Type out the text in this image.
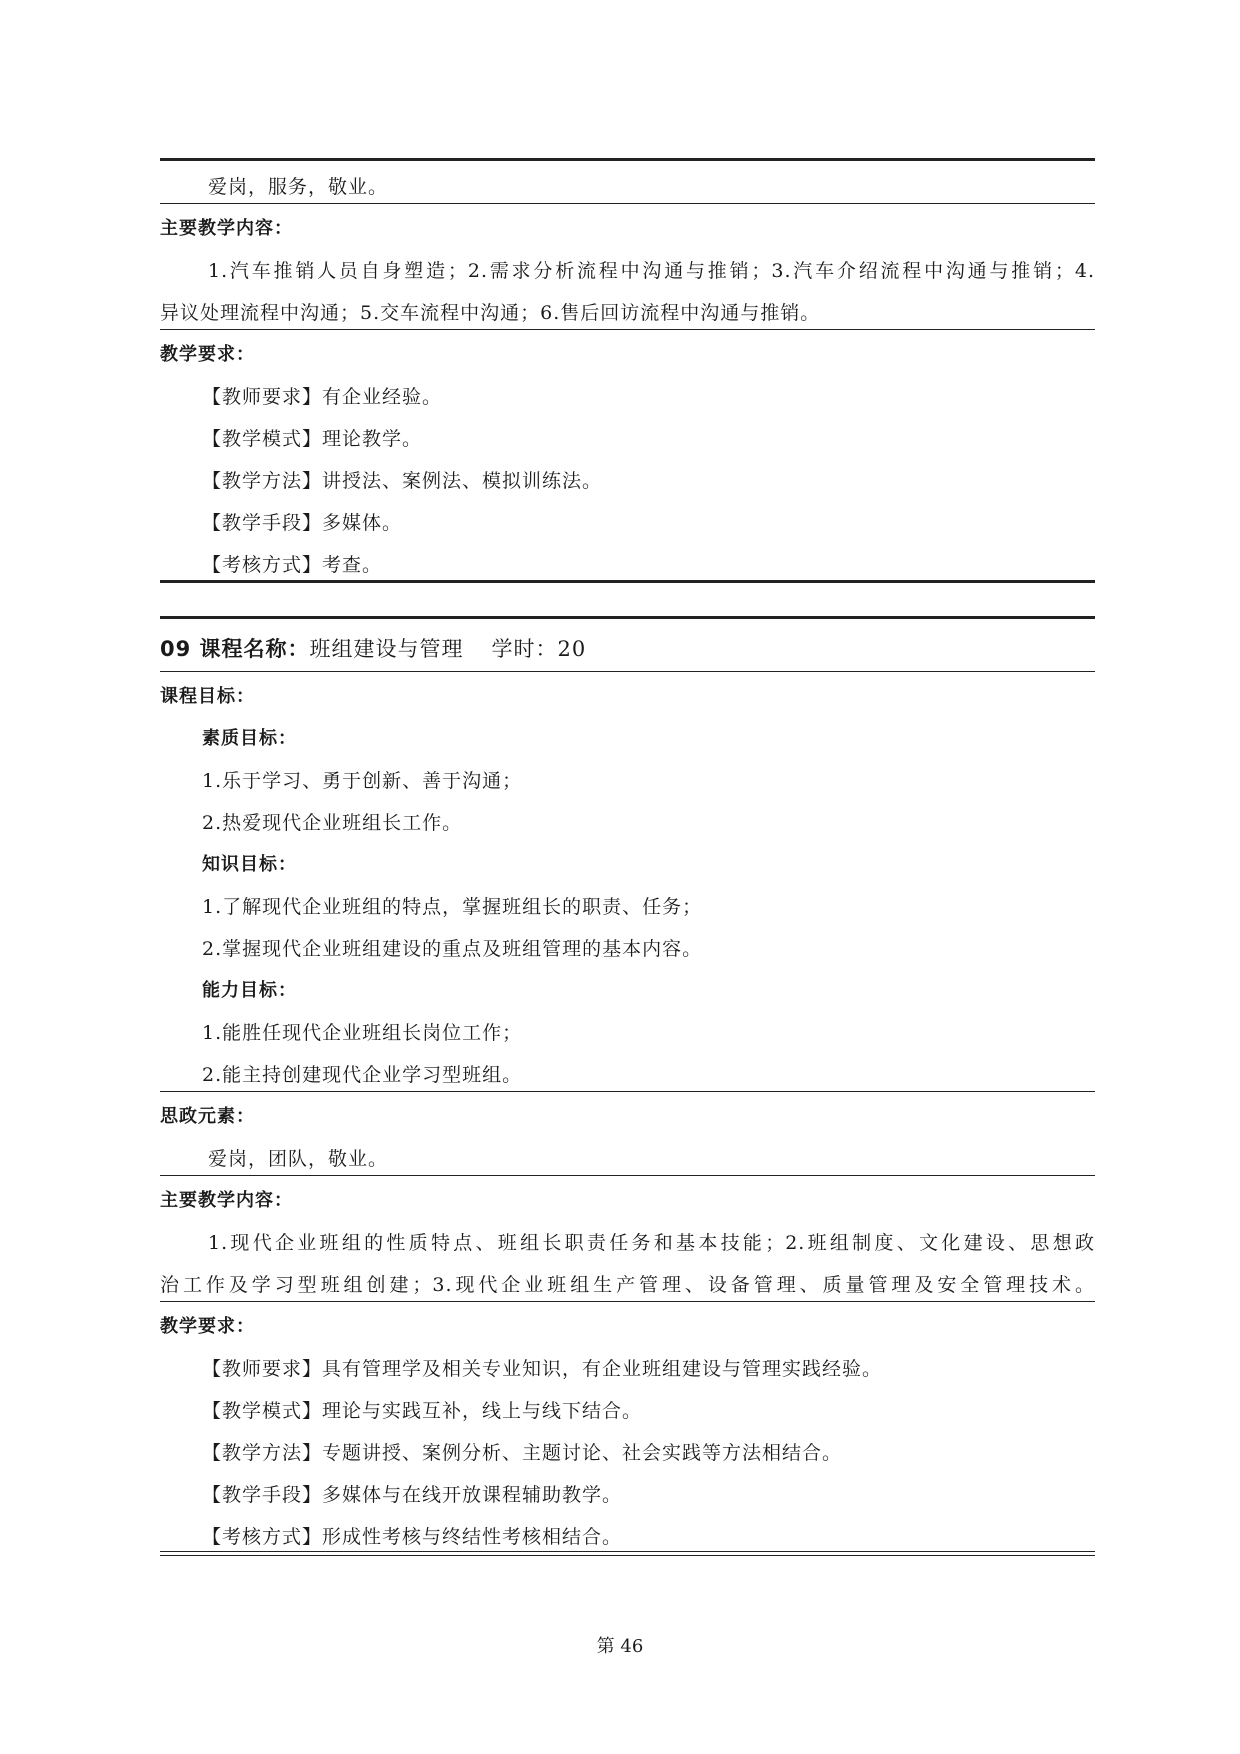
爱岗，服务，敬业。
主要教学内容：
1.汽车推销人员自身塑造；2.需求分析流程中沟通与推销；3.汽车介绍流程中沟通与推销；4.
异议处理流程中沟通；5.交车流程中沟通；6.售后回访流程中沟通与推销。
教学要求：
【教师要求】有企业经验。
【教学模式】理论教学。
【教学方法】讲授法、案例法、模拟训练法。
【教学手段】多媒体。
【考核方式】考查。
09 课程名称：班组建设与管理 学时：20
课程目标：
素质目标：
1.乐于学习、勇于创新、善于沟通；
2.热爱现代企业班组长工作。
知识目标：
1.了解现代企业班组的特点，掌握班组长的职责、任务；
2.掌握现代企业班组建设的重点及班组管理的基本内容。
能力目标：
1.能胜任现代企业班组长岗位工作；
2.能主持创建现代企业学习型班组。
思政元素：
爱岗，团队，敬业。
主要教学内容：
1.现代企业班组的性质特点、班组长职责任务和基本技能；2.班组制度、文化建设、思想政
治工作及学习型班组创建；3.现代企业班组生产管理、设备管理、质量管理及安全管理技术。
教学要求：
【教师要求】具有管理学及相关专业知识，有企业班组建设与管理实践经验。
【教学模式】理论与实践互补，线上与线下结合。
【教学方法】专题讲授、案例分析、主题讨论、社会实践等方法相结合。
【教学手段】多媒体与在线开放课程辅助教学。
【考核方式】形成性考核与终结性考核相结合。
第 46
